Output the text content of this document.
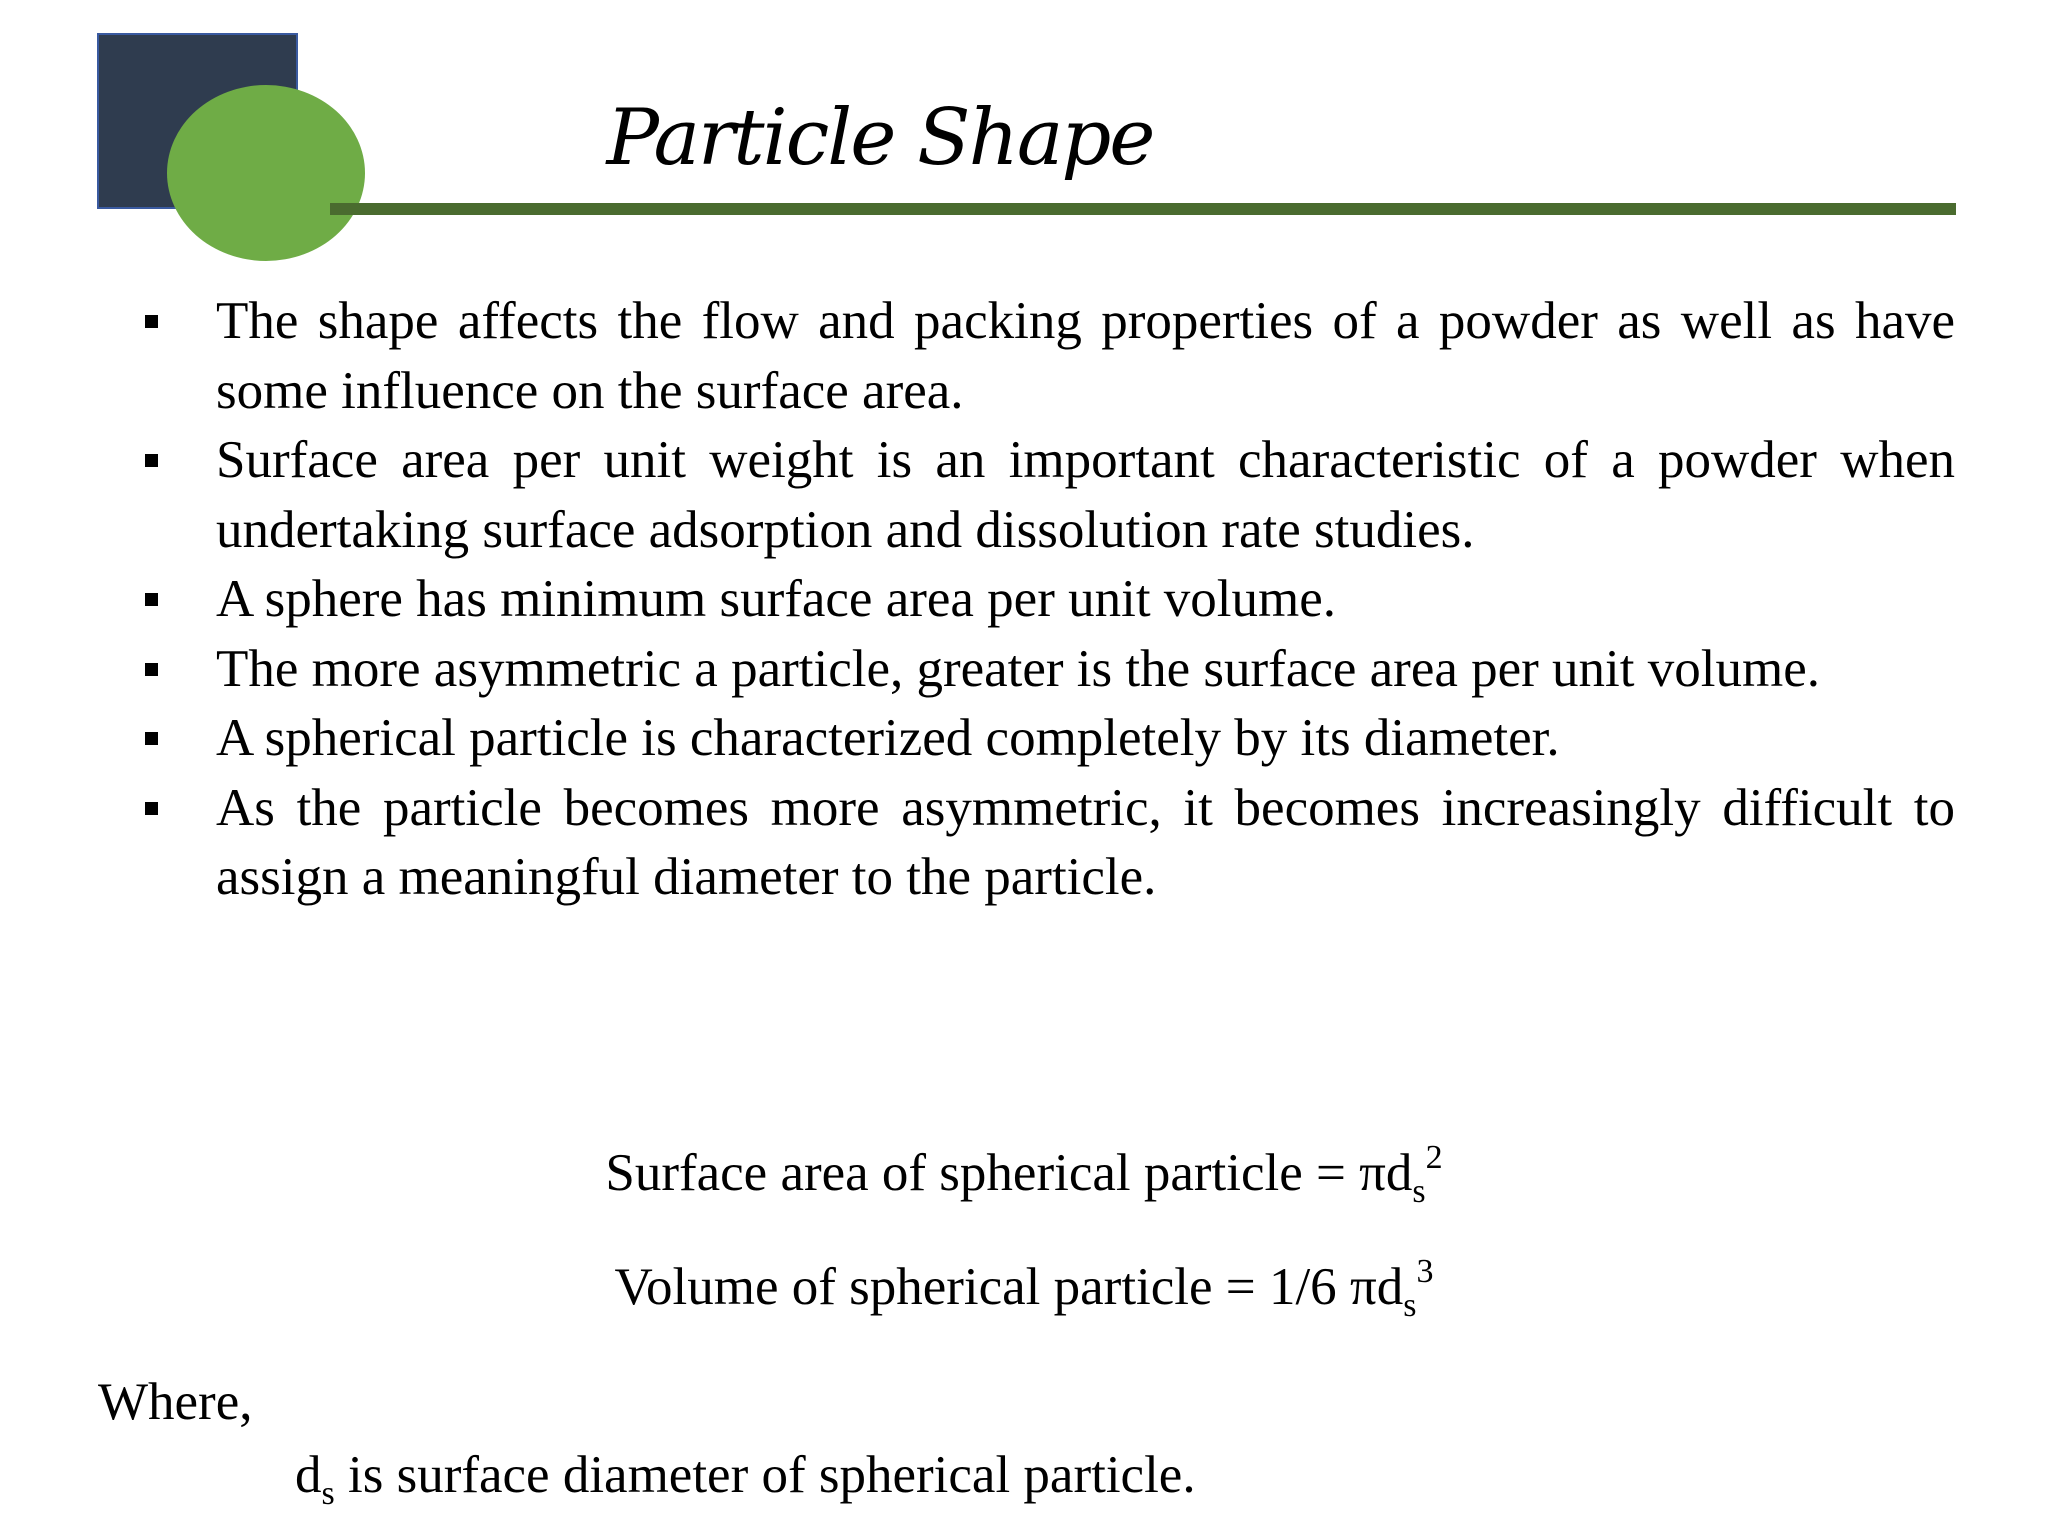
Particle Shape
The shape affects the flow and packing properties of a powder as well as have some influence on the surface area.
Surface area per unit weight is an important characteristic of a powder when undertaking surface adsorption and dissolution rate studies.
A sphere has minimum surface area per unit volume.
The more asymmetric a particle, greater is the surface area per unit volume.
A spherical particle is characterized completely by its diameter.
As the particle becomes more asymmetric, it becomes increasingly difficult to assign a meaningful diameter to the particle.
Surface area of spherical particle = $\pi d_s^2$
Volume of spherical particle = 1/6 $\pi d_s^3$
Where,
$d_s$ is surface diameter of spherical particle.
